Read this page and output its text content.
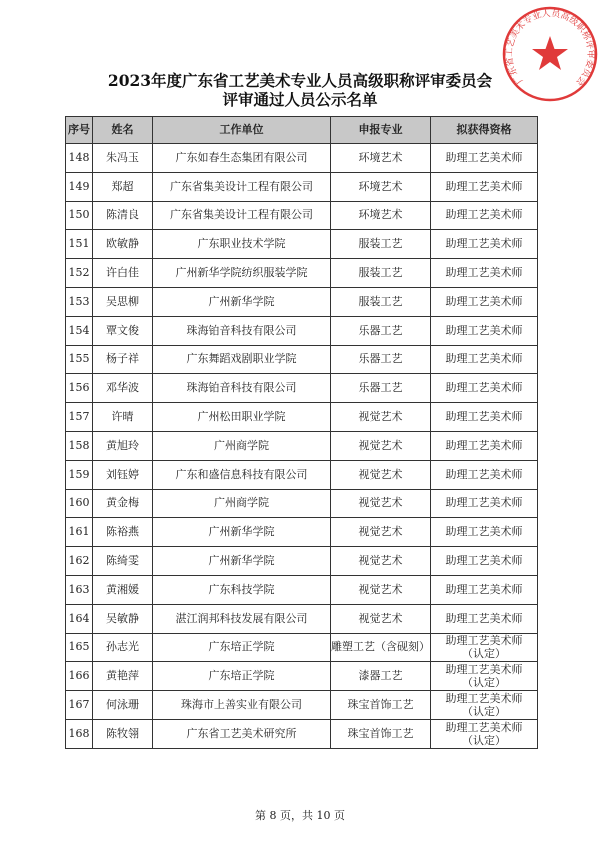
广东省工艺美术专业人员高级职称评审委员会
2023年度广东省工艺美术专业人员高级职称评审委员会
评审通过人员公示名单
序号	姓名	工作单位	申报专业	拟获得资格
148	朱冯玉	广东如春生态集团有限公司	环境艺术	助理工艺美术师
149	郑超	广东省集美设计工程有限公司	环境艺术	助理工艺美术师
150	陈清良	广东省集美设计工程有限公司	环境艺术	助理工艺美术师
151	欧敏静	广东职业技术学院	服装工艺	助理工艺美术师
152	许白佳	广州新华学院纺织服装学院	服装工艺	助理工艺美术师
153	吴思柳	广州新华学院	服装工艺	助理工艺美术师
154	覃文俊	珠海铂音科技有限公司	乐器工艺	助理工艺美术师
155	杨子祥	广东舞蹈戏剧职业学院	乐器工艺	助理工艺美术师
156	邓华波	珠海铂音科技有限公司	乐器工艺	助理工艺美术师
157	许晴	广州松田职业学院	视觉艺术	助理工艺美术师
158	黄旭玲	广州商学院	视觉艺术	助理工艺美术师
159	刘钰婷	广东和盛信息科技有限公司	视觉艺术	助理工艺美术师
160	黄金梅	广州商学院	视觉艺术	助理工艺美术师
161	陈裕燕	广州新华学院	视觉艺术	助理工艺美术师
162	陈绮雯	广州新华学院	视觉艺术	助理工艺美术师
163	黄湘媛	广东科技学院	视觉艺术	助理工艺美术师
164	吴敏静	湛江润邦科技发展有限公司	视觉艺术	助理工艺美术师
165	孙志光	广东培正学院	雕塑工艺（含砚刻）	助理工艺美术师
（认定）
166	黄艳萍	广东培正学院	漆器工艺	助理工艺美术师
（认定）
167	何泳珊	珠海市上善实业有限公司	珠宝首饰工艺	助理工艺美术师
（认定）
168	陈牧翎	广东省工艺美术研究所	珠宝首饰工艺	助理工艺美术师
（认定）
第 8 页，共 10 页
